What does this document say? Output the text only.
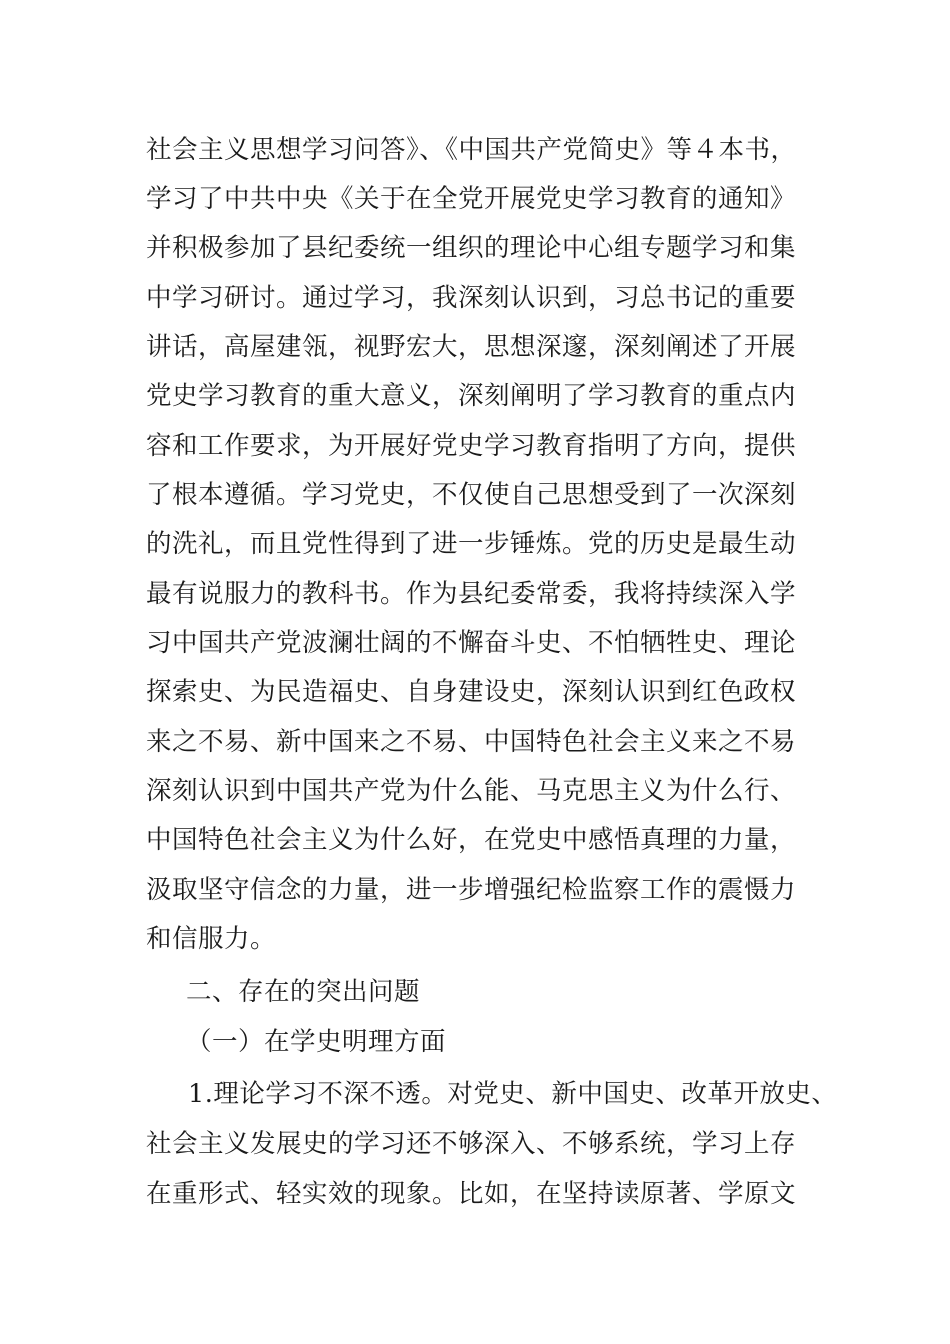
社会主义思想学习问答》、《中国共产党简史》等４本书，
学习了中共中央《关于在全党开展党史学习教育的通知》
并积极参加了县纪委统一组织的理论中心组专题学习和集
中学习研讨。通过学习，我深刻认识到，习总书记的重要
讲话，高屋建瓴，视野宏大，思想深邃，深刻阐述了开展
党史学习教育的重大意义，深刻阐明了学习教育的重点内
容和工作要求，为开展好党史学习教育指明了方向，提供
了根本遵循。学习党史，不仅使自己思想受到了一次深刻
的洗礼，而且党性得到了进一步锤炼。党的历史是最生动
最有说服力的教科书。作为县纪委常委，我将持续深入学
习中国共产党波澜壮阔的不懈奋斗史、不怕牺牲史、理论
探索史、为民造福史、自身建设史，深刻认识到红色政权
来之不易、新中国来之不易、中国特色社会主义来之不易
深刻认识到中国共产党为什么能、马克思主义为什么行、
中国特色社会主义为什么好，在党史中感悟真理的力量，
汲取坚守信念的力量，进一步增强纪检监察工作的震慑力
和信服力。
二、存在的突出问题
（一）在学史明理方面
1.理论学习不深不透。对党史、新中国史、改革开放史、
社会主义发展史的学习还不够深入、不够系统，学习上存
在重形式、轻实效的现象。比如，在坚持读原著、学原文
